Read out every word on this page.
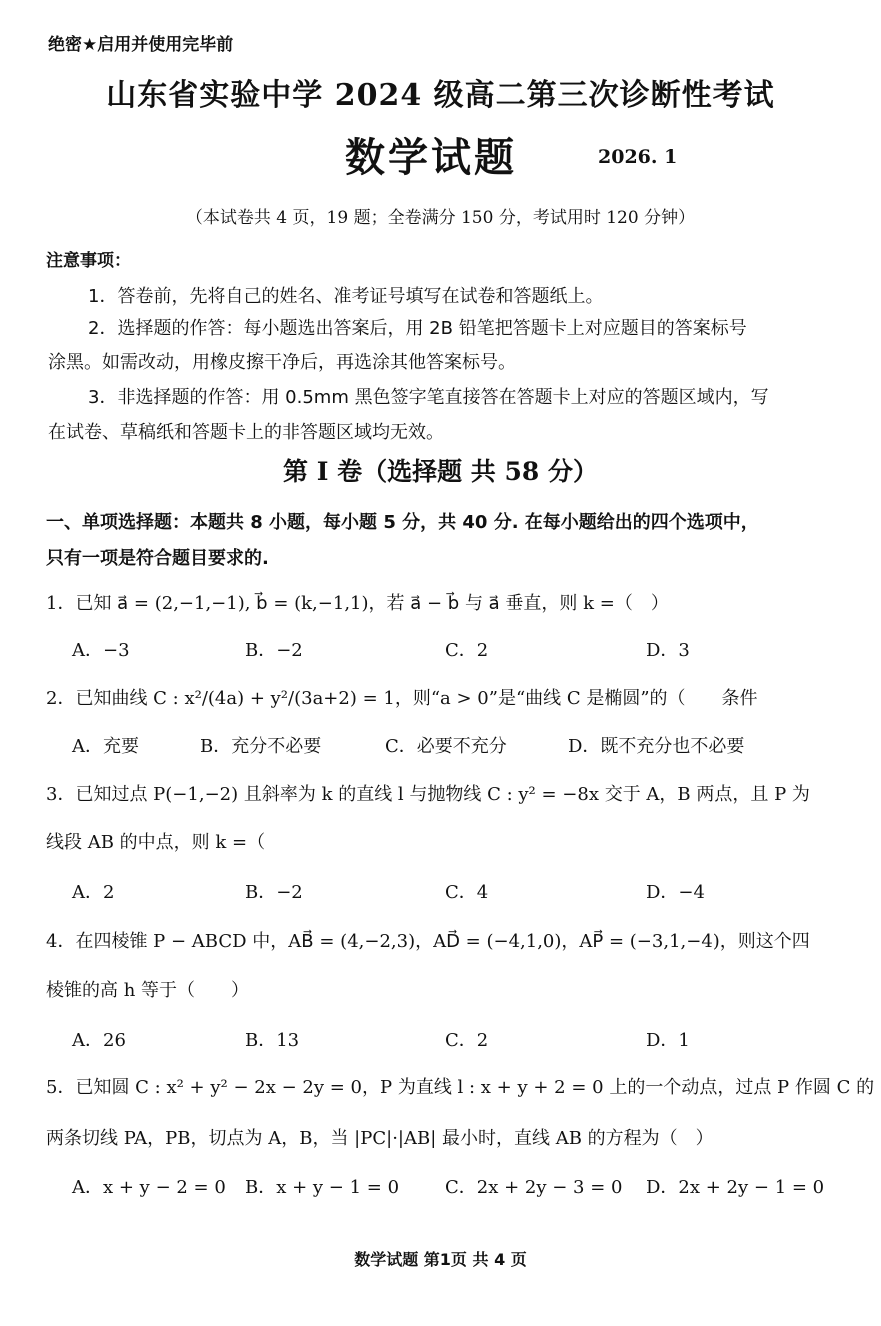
绝密★启用并使用完毕前
山东省实验中学 2024 级高二第三次诊断性考试
数学试题	2026. 1
（本试卷共 4 页，19 题；全卷满分 150 分，考试用时 120 分钟）
注意事项：
1．答卷前，先将自己的姓名、准考证号填写在试卷和答题纸上。
2．选择题的作答：每小题选出答案后，用 2B 铅笔把答题卡上对应题目的答案标号
涂黑。如需改动，用橡皮擦干净后，再选涂其他答案标号。
3．非选择题的作答：用 0.5mm 黑色签字笔直接答在答题卡上对应的答题区域内，写
在试卷、草稿纸和答题卡上的非答题区域均无效。
第 I 卷（选择题 共 58 分）
一、单项选择题：本题共 8 小题，每小题 5 分，共 40 分. 在每小题给出的四个选项中，
只有一项是符合题目要求的.
1．已知 a⃗ = (2,−1,−1), b⃗ = (k,−1,1)，若 a⃗ − b⃗ 与 a⃗ 垂直，则 k =（　）
A．−3	B．−2	C．2	D．3
2．已知曲线 C : x²/(4a) + y²/(3a+2) = 1，则“a > 0”是“曲线 C 是椭圆”的（　　条件
A．充要	B．充分不必要	C．必要不充分	D．既不充分也不必要
3．已知过点 P(−1,−2) 且斜率为 k 的直线 l 与抛物线 C : y² = −8x 交于 A，B 两点，且 P 为
线段 AB 的中点，则 k =（
A．2	B．−2	C．4	D．−4
4．在四棱锥 P − ABCD 中，AB⃗ = (4,−2,3)，AD⃗ = (−4,1,0)，AP⃗ = (−3,1,−4)，则这个四
棱锥的高 h 等于（　　）
A．26	B．13	C．2	D．1
5．已知圆 C : x² + y² − 2x − 2y = 0，P 为直线 l : x + y + 2 = 0 上的一个动点，过点 P 作圆 C 的
两条切线 PA，PB，切点为 A，B，当 |PC|·|AB| 最小时，直线 AB 的方程为（　）
A．x + y − 2 = 0 B．x + y − 1 = 0	C．2x + 2y − 3 = 0 D．2x + 2y − 1 = 0
数学试题 第1页 共 4 页
